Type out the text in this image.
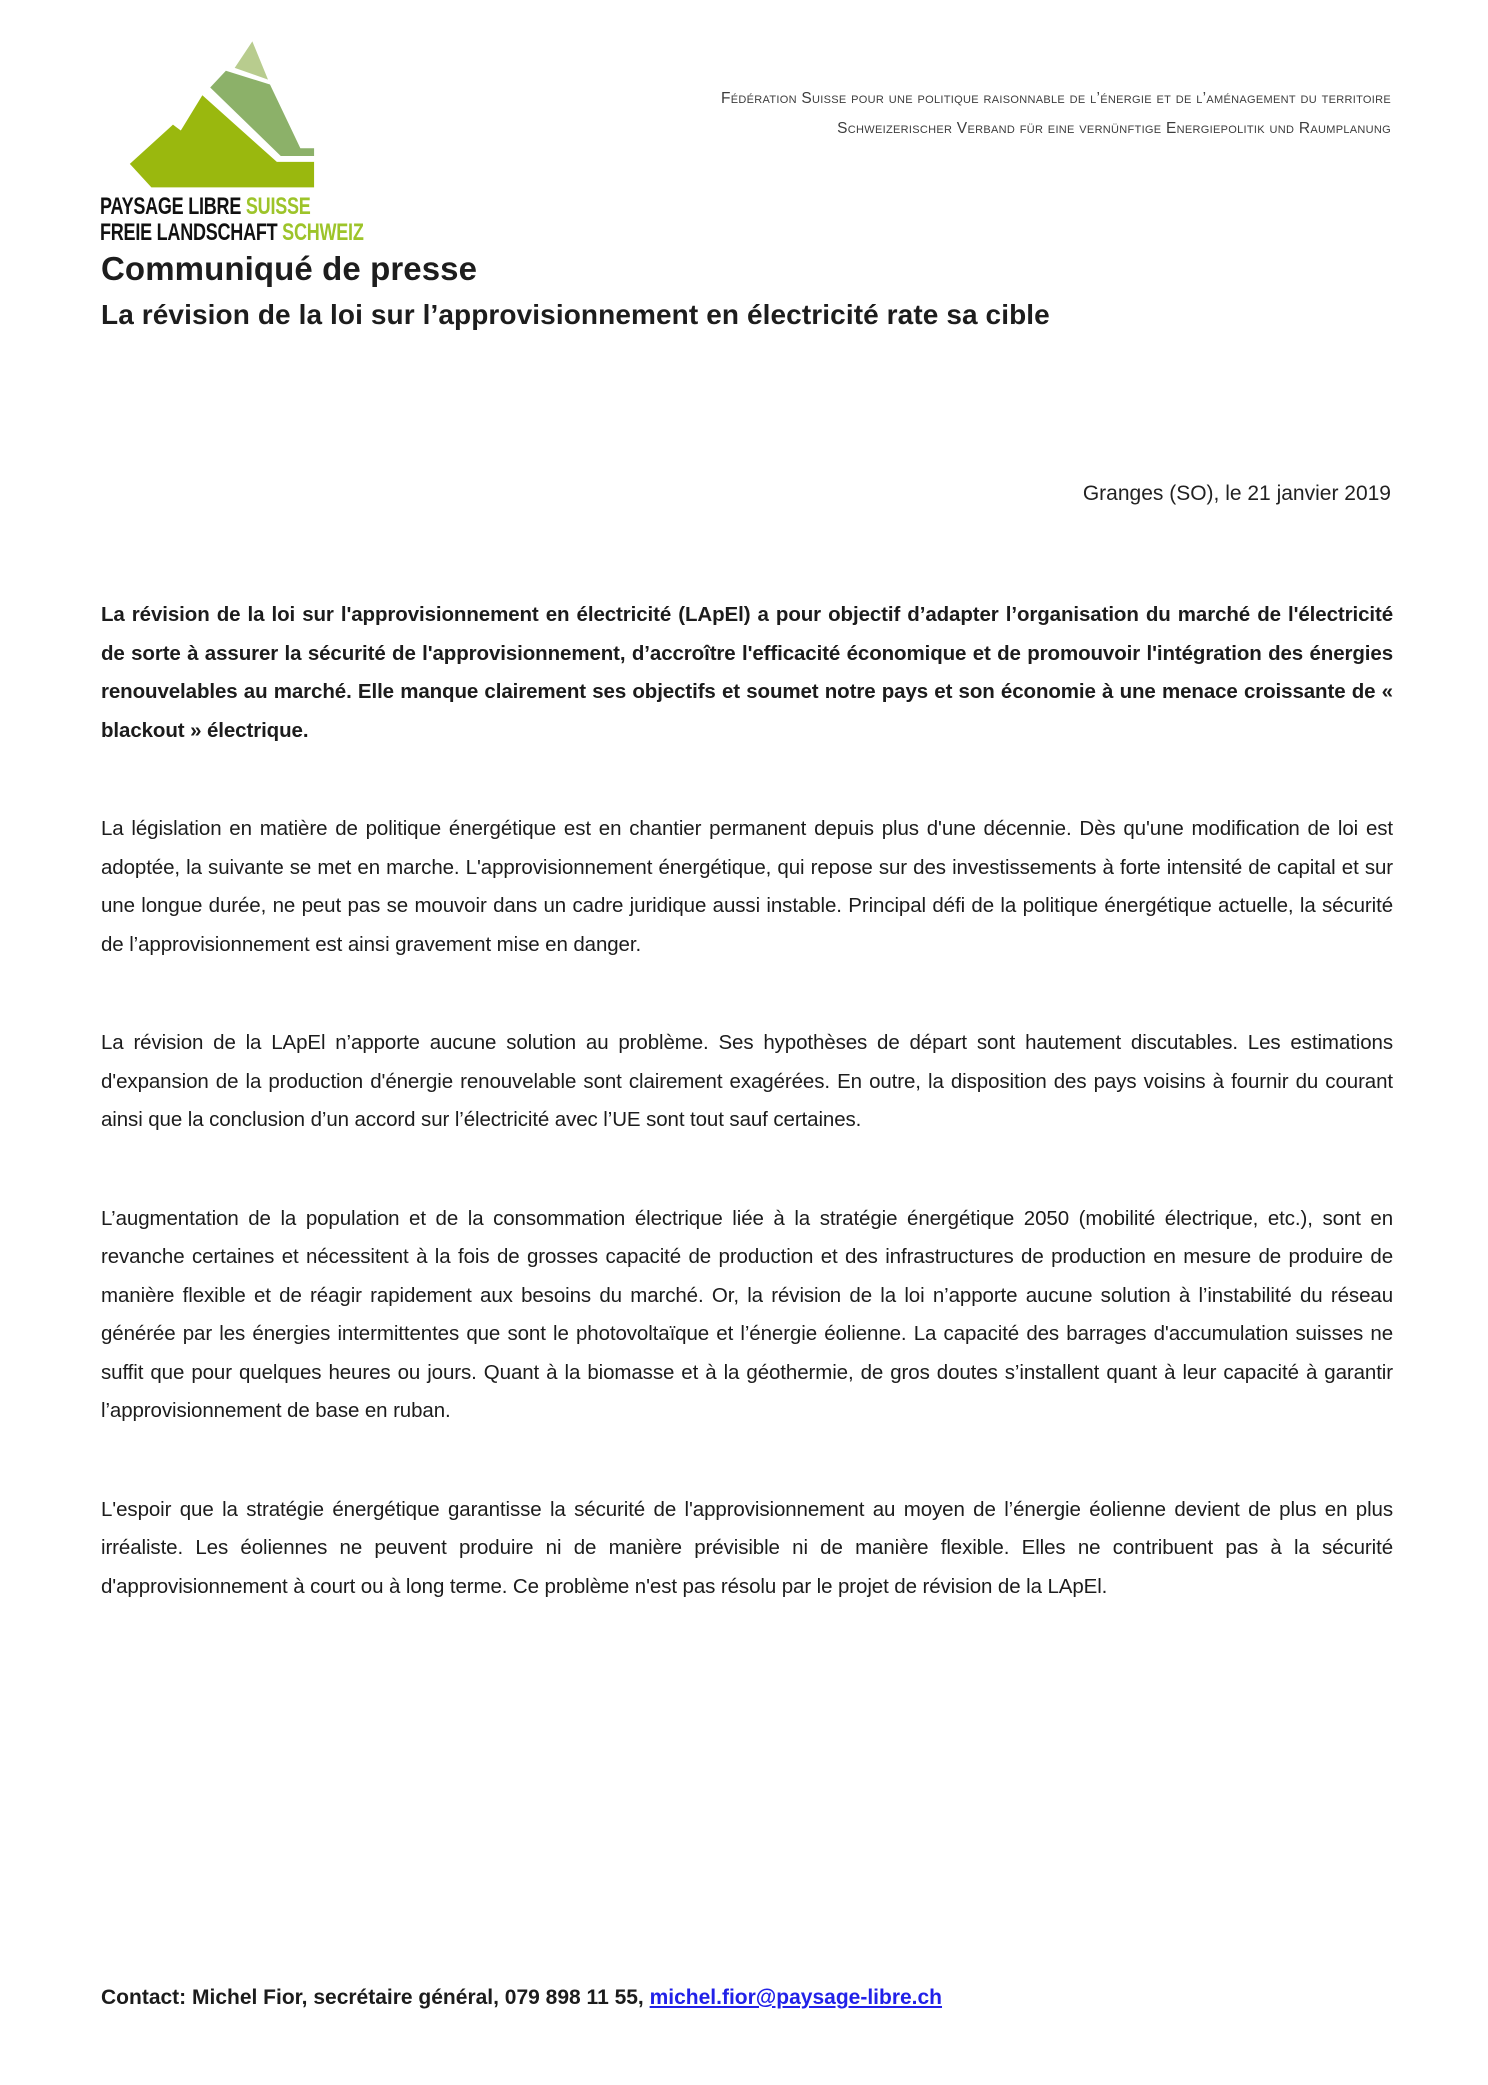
Fédération Suisse pour une politique raisonnable de l’énergie et de l’aménagement du territoire
Schweizerischer Verband für eine vernünftige Energiepolitik und Raumplanung
PAYSAGE LIBRE SUISSE
FREIE LANDSCHAFT SCHWEIZ
Communiqué de presse
La révision de la loi sur l’approvisionnement en électricité rate sa cible
Granges (SO), le 21 janvier 2019

La révision de la loi sur l'approvisionnement en électricité (LApEl) a pour objectif d’adapter l’organisation du marché de l'électricité de sorte à assurer la sécurité de l'approvisionnement, d’accroître l'efficacité économique et de promouvoir l'intégration des énergies renouvelables au marché. Elle manque clairement ses objectifs et soumet notre pays et son économie à une menace croissante de « blackout » électrique.

La législation en matière de politique énergétique est en chantier permanent depuis plus d'une décennie. Dès qu'une modification de loi est adoptée, la suivante se met en marche. L'approvisionnement énergétique, qui repose sur des investissements à forte intensité de capital et sur une longue durée, ne peut pas se mouvoir dans un cadre juridique aussi instable. Principal défi de la politique énergétique actuelle, la sécurité de l’approvisionnement est ainsi gravement mise en danger.

La révision de la LApEl n’apporte aucune solution au problème. Ses hypothèses de départ sont hautement discutables. Les estimations d'expansion de la production d'énergie renouvelable sont clairement exagérées. En outre, la disposition des pays voisins à fournir du courant ainsi que la conclusion d’un accord sur l’électricité avec l’UE sont tout sauf certaines.

L’augmentation de la population et de la consommation électrique liée à la stratégie énergétique 2050 (mobilité électrique, etc.), sont en revanche certaines et nécessitent à la fois de grosses capacité de production et des infrastructures de production en mesure de produire de manière flexible et de réagir rapidement aux besoins du marché. Or, la révision de la loi n’apporte aucune solution à l’instabilité du réseau générée par les énergies intermittentes que sont le photovoltaïque et l’énergie éolienne. La capacité des barrages d'accumulation suisses ne suffit que pour quelques heures ou jours. Quant à la biomasse et à la géothermie, de gros doutes s’installent quant à leur capacité à garantir l’approvisionnement de base en ruban.

L'espoir que la stratégie énergétique garantisse la sécurité de l'approvisionnement au moyen de l’énergie éolienne devient de plus en plus irréaliste. Les éoliennes ne peuvent produire ni de manière prévisible ni de manière flexible. Elles ne contribuent pas à la sécurité d'approvisionnement à court ou à long terme. Ce problème n'est pas résolu par le projet de révision de la LApEl.

Contact: Michel Fior, secrétaire général, 079 898 11 55, michel.fior@paysage-libre.ch
